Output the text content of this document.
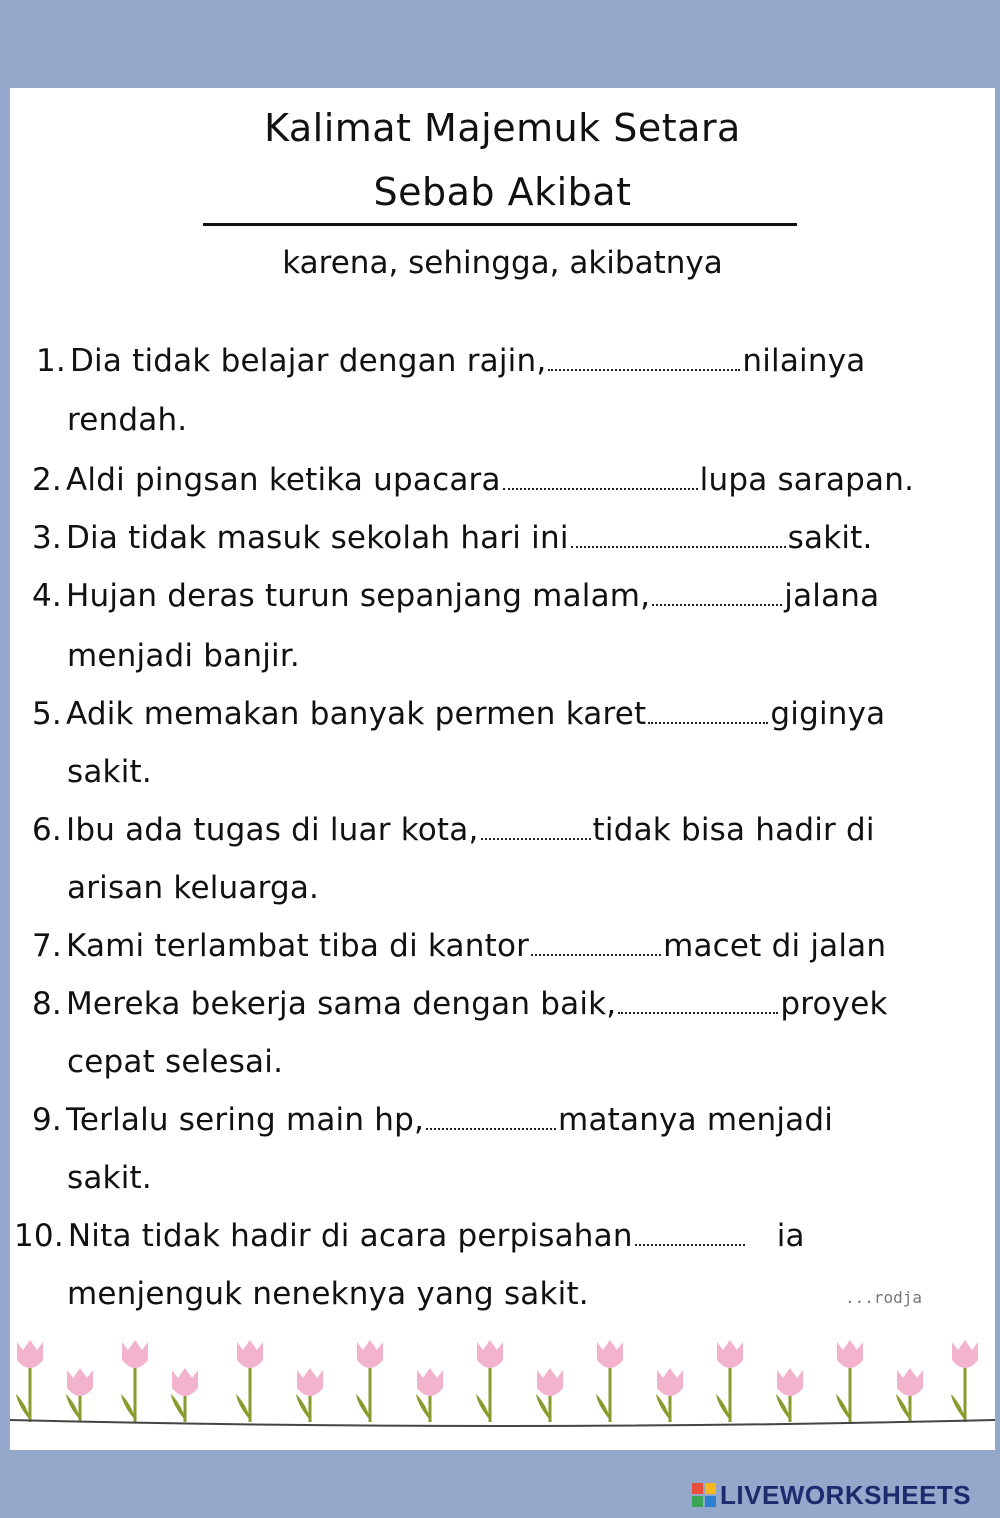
Kalimat Majemuk Setara
Sebab Akibat
karena, sehingga, akibatnya
1. Dia tidak belajar dengan rajin,	nilainya
rendah.
2. Aldi pingsan ketika upacara	lupa sarapan.
3. Dia tidak masuk sekolah hari ini	sakit.
4. Hujan deras turun sepanjang malam,	jalana
menjadi banjir.
5. Adik memakan banyak permen karet	giginya
sakit.
6. Ibu ada tugas di luar kota,	tidak bisa hadir di
arisan keluarga.
7. Kami terlambat tiba di kantor	macet di jalan
8. Mereka bekerja sama dengan baik,	proyek
cepat selesai.
9. Terlalu sering main hp,	matanya menjadi
sakit.
10. Nita tidak hadir di acara perpisahan	ia
menjenguk neneknya yang sakit.	...rodja
LIVEWORKSHEETS
